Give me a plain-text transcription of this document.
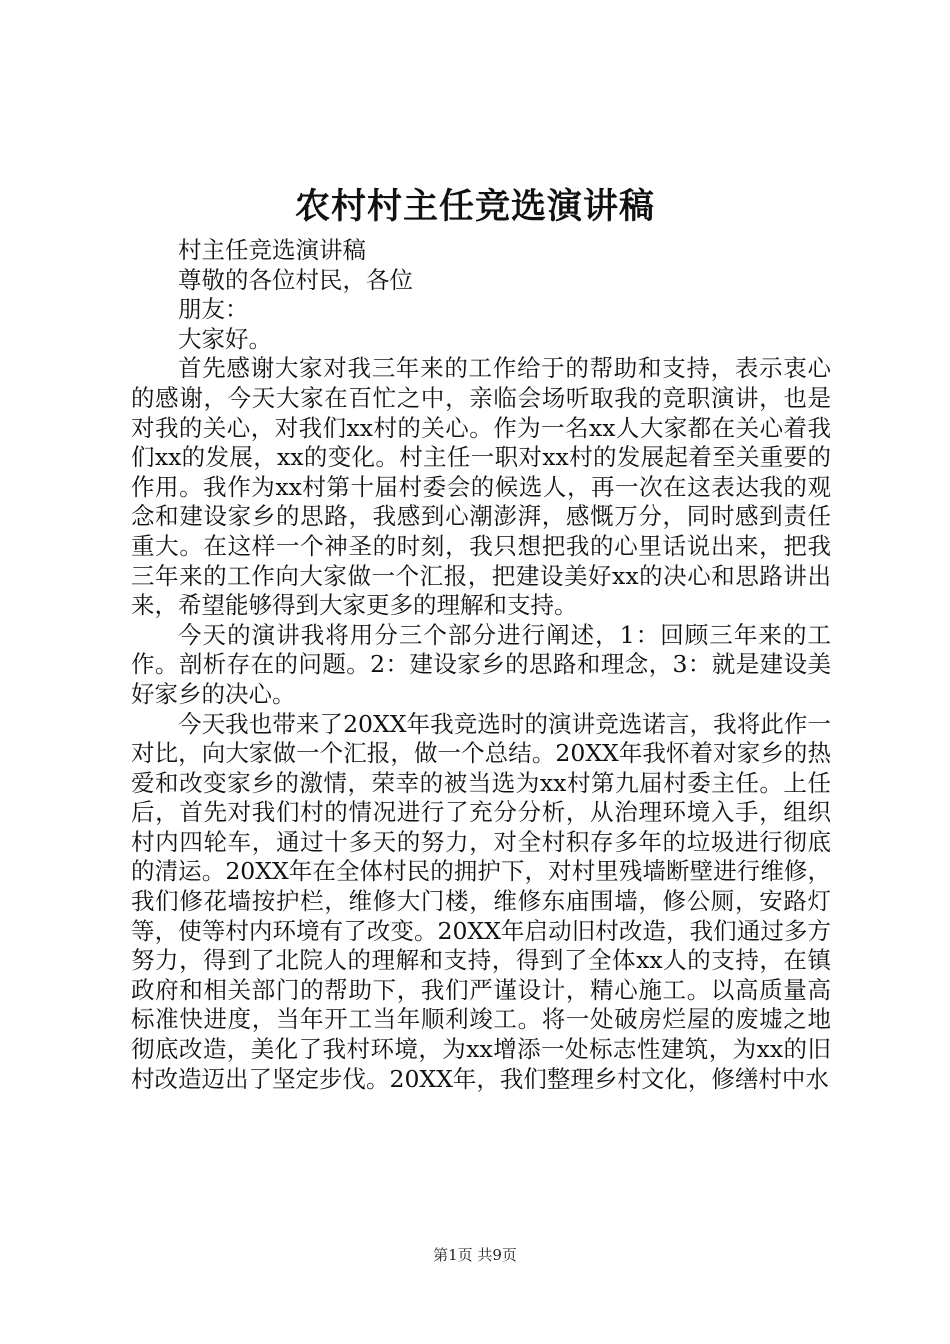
农村村主任竞选演讲稿
村主任竞选演讲稿
尊敬的各位村民，各位
朋友：
大家好。

首先感谢大家对我三年来的工作给于的帮助和支持，表示衷心的感谢，今天大家在百忙之中，亲临会场听取我的竞职演讲，也是对我的关心，对我们xx村的关心。作为一名xx人大家都在关心着我们xx的发展，xx的变化。村主任一职对xx村的发展起着至关重要的作用。我作为xx村第十届村委会的候选人，再一次在这表达我的观念和建设家乡的思路，我感到心潮澎湃，感慨万分，同时感到责任重大。在这样一个神圣的时刻，我只想把我的心里话说出来，把我三年来的工作向大家做一个汇报，把建设美好xx的决心和思路讲出来，希望能够得到大家更多的理解和支持。

今天的演讲我将用分三个部分进行阐述，1：回顾三年来的工作。剖析存在的问题。2：建设家乡的思路和理念，3：就是建设美好家乡的决心。

今天我也带来了20XX年我竞选时的演讲竞选诺言，我将此作一对比，向大家做一个汇报，做一个总结。20XX年我怀着对家乡的热爱和改变家乡的激情，荣幸的被当选为xx村第九届村委主任。上任后，首先对我们村的情况进行了充分分析，从治理环境入手，组织村内四轮车，通过十多天的努力，对全村积存多年的垃圾进行彻底的清运。20XX年在全体村民的拥护下，对村里残墙断壁进行维修，我们修花墙按护栏，维修大门楼，维修东庙围墙，修公厕，安路灯等，使等村内环境有了改变。20XX年启动旧村改造，我们通过多方努力，得到了北院人的理解和支持，得到了全体xx人的支持，在镇政府和相关部门的帮助下，我们严谨设计，精心施工。以高质量高标准快进度，当年开工当年顺利竣工。将一处破房烂屋的废墟之地彻底改造，美化了我村环境，为xx增添一处标志性建筑，为xx的旧村改造迈出了坚定步伐。20XX年，我们整理乡村文化，修缮村中水

第1页 共9页
